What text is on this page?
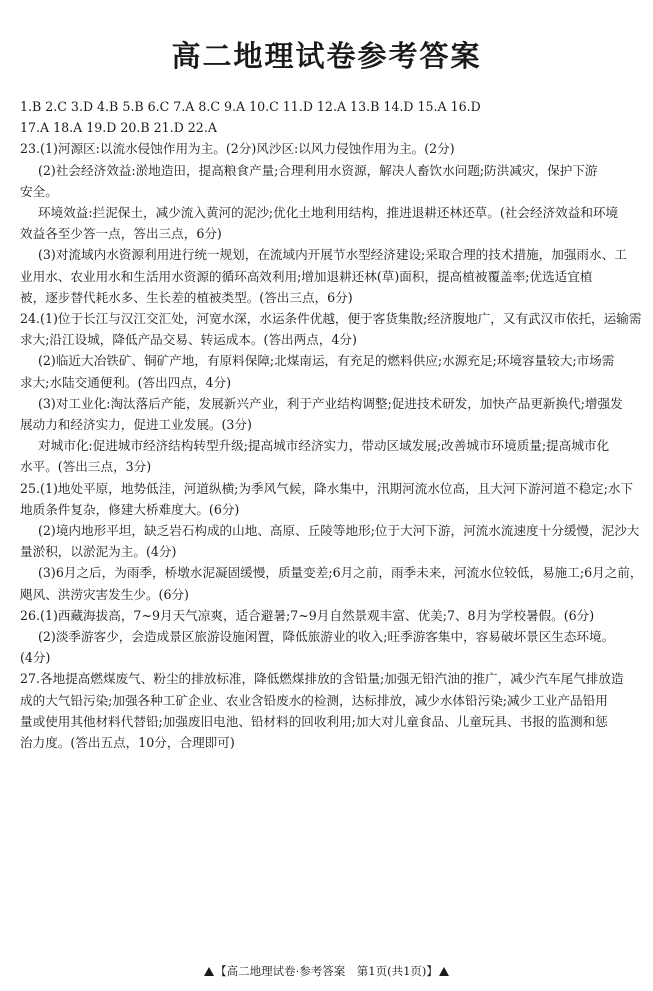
高二地理试卷参考答案
1.B 2.C 3.D 4.B 5.B 6.C 7.A 8.C 9.A 10.C 11.D 12.A 13.B 14.D 15.A 16.D
17.A 18.A 19.D 20.B 21.D 22.A
23.(1)河源区:以流水侵蚀作用为主。(2分)风沙区:以风力侵蚀作用为主。(2分)
(2)社会经济效益:淤地造田，提高粮食产量;合理利用水资源，解决人畜饮水问题;防洪减灾，保护下游
安全。
环境效益:拦泥保土，减少流入黄河的泥沙;优化土地利用结构，推进退耕还林还草。(社会经济效益和环境
效益各至少答一点，答出三点，6分)
(3)对流域内水资源利用进行统一规划，在流域内开展节水型经济建设;采取合理的技术措施，加强雨水、工
业用水、农业用水和生活用水资源的循环高效利用;增加退耕还林(草)面积，提高植被覆盖率;优选适宜植
被，逐步替代耗水多、生长差的植被类型。(答出三点，6分)
24.(1)位于长江与汉江交汇处，河宽水深，水运条件优越，便于客货集散;经济腹地广，又有武汉市依托，运输需
求大;沿江设城，降低产品交易、转运成本。(答出两点，4分)
(2)临近大冶铁矿、铜矿产地，有原料保障;北煤南运，有充足的燃料供应;水源充足;环境容量较大;市场需
求大;水陆交通便利。(答出四点，4分)
(3)对工业化:淘汰落后产能，发展新兴产业，利于产业结构调整;促进技术研发，加快产品更新换代;增强发
展动力和经济实力，促进工业发展。(3分)
对城市化:促进城市经济结构转型升级;提高城市经济实力，带动区域发展;改善城市环境质量;提高城市化
水平。(答出三点，3分)
25.(1)地处平原，地势低洼，河道纵横;为季风气候，降水集中，汛期河流水位高，且大河下游河道不稳定;水下
地质条件复杂，修建大桥难度大。(6分)
(2)境内地形平坦，缺乏岩石构成的山地、高原、丘陵等地形;位于大河下游，河流水流速度十分缓慢，泥沙大
量淤积，以淤泥为主。(4分)
(3)6月之后，为雨季，桥墩水泥凝固缓慢，质量变差;6月之前，雨季未来，河流水位较低，易施工;6月之前，
飓风、洪涝灾害发生少。(6分)
26.(1)西藏海拔高，7~9月天气凉爽，适合避暑;7~9月自然景观丰富、优美;7、8月为学校暑假。(6分)
(2)淡季游客少，会造成景区旅游设施闲置，降低旅游业的收入;旺季游客集中，容易破坏景区生态环境。
(4分)
27.各地提高燃煤废气、粉尘的排放标准，降低燃煤排放的含铅量;加强无铅汽油的推广，减少汽车尾气排放造
成的大气铅污染;加强各种工矿企业、农业含铅废水的检测，达标排放，减少水体铅污染;减少工业产品铅用
量或使用其他材料代替铅;加强废旧电池、铅材料的回收利用;加大对儿童食品、儿童玩具、书报的监测和惩
治力度。(答出五点，10分，合理即可)
【高二地理试卷·参考答案　第1页(共1页)】
